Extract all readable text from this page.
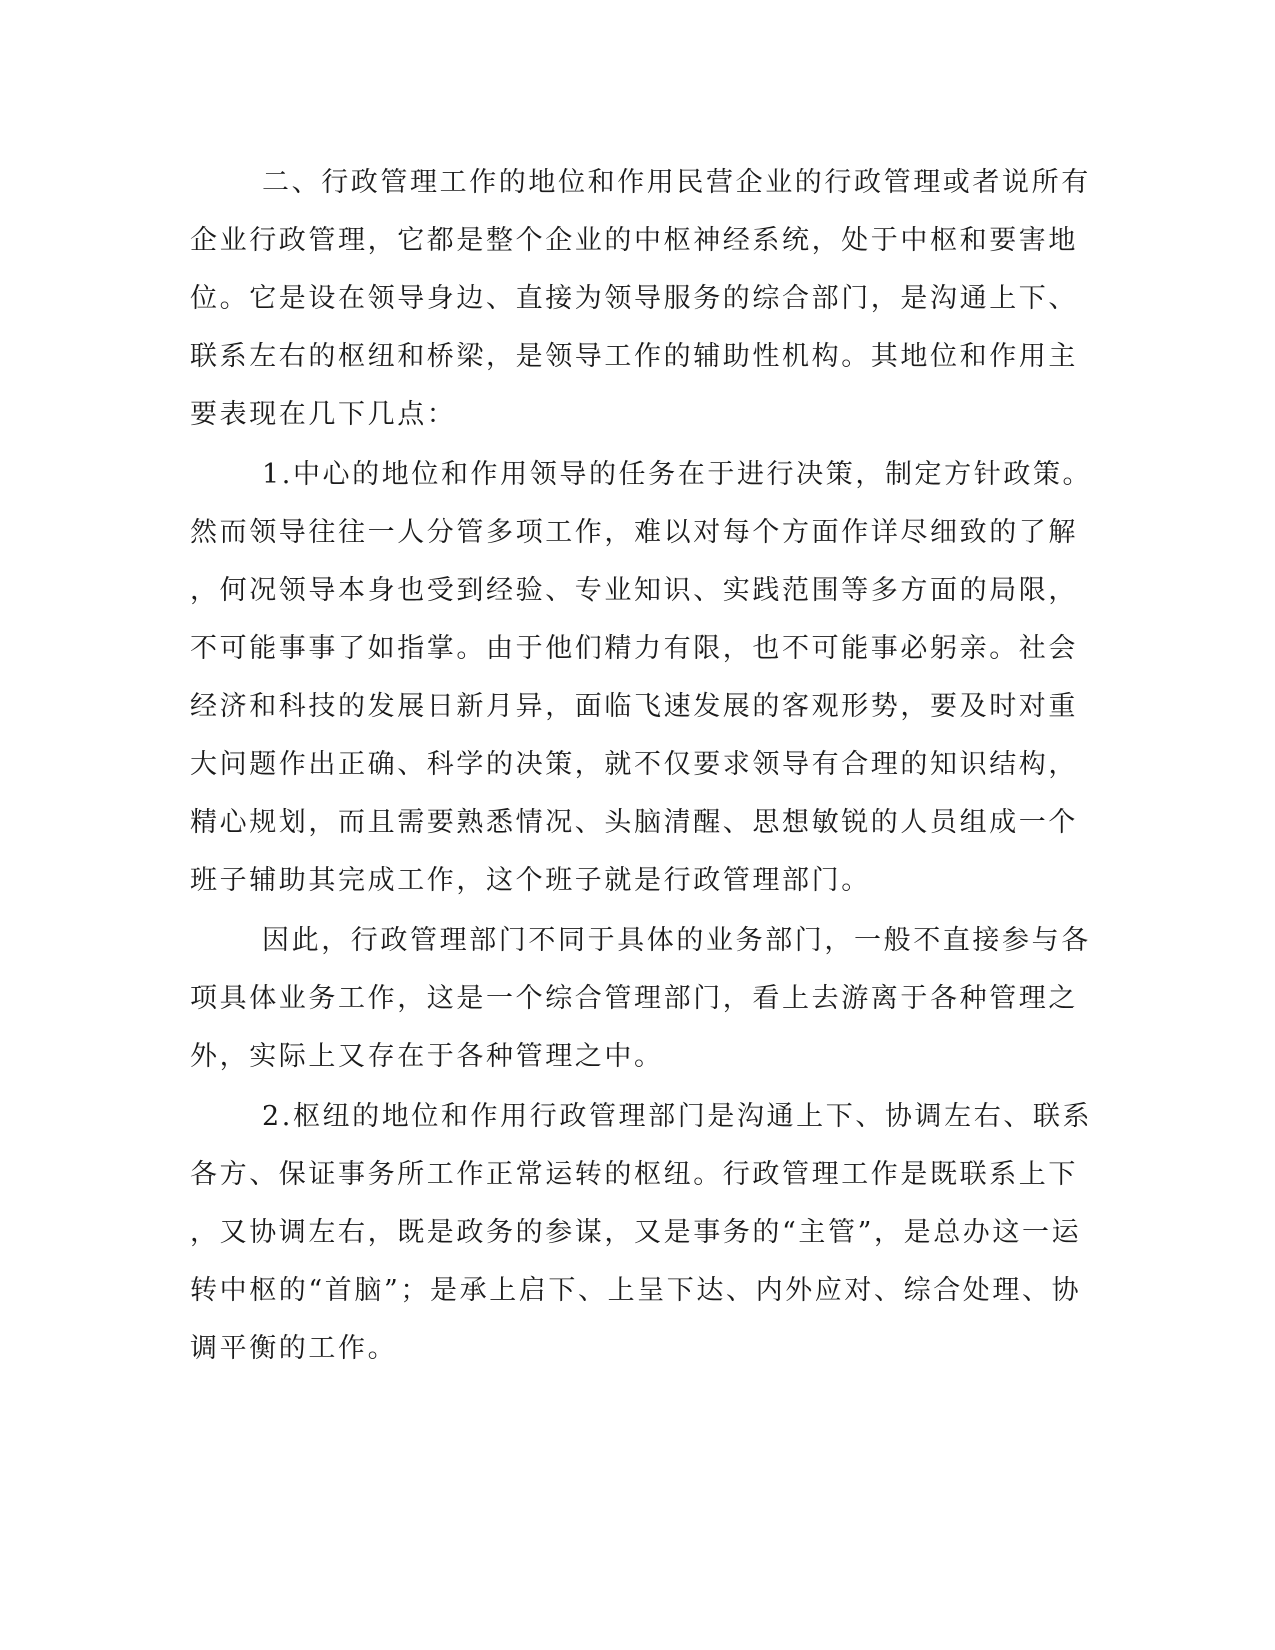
二、行政管理工作的地位和作用民营企业的行政管理或者说所有
企业行政管理，它都是整个企业的中枢神经系统，处于中枢和要害地
位。它是设在领导身边、直接为领导服务的综合部门，是沟通上下、
联系左右的枢纽和桥梁，是领导工作的辅助性机构。其地位和作用主
要表现在几下几点：
1.中心的地位和作用领导的任务在于进行决策，制定方针政策。
然而领导往往一人分管多项工作，难以对每个方面作详尽细致的了解
，何况领导本身也受到经验、专业知识、实践范围等多方面的局限，
不可能事事了如指掌。由于他们精力有限，也不可能事必躬亲。社会
经济和科技的发展日新月异，面临飞速发展的客观形势，要及时对重
大问题作出正确、科学的决策，就不仅要求领导有合理的知识结构，
精心规划，而且需要熟悉情况、头脑清醒、思想敏锐的人员组成一个
班子辅助其完成工作，这个班子就是行政管理部门。
因此，行政管理部门不同于具体的业务部门，一般不直接参与各
项具体业务工作，这是一个综合管理部门，看上去游离于各种管理之
外，实际上又存在于各种管理之中。
2.枢纽的地位和作用行政管理部门是沟通上下、协调左右、联系
各方、保证事务所工作正常运转的枢纽。行政管理工作是既联系上下
，又协调左右，既是政务的参谋，又是事务的“主管”，是总办这一运
转中枢的“首脑”；是承上启下、上呈下达、内外应对、综合处理、协
调平衡的工作。
